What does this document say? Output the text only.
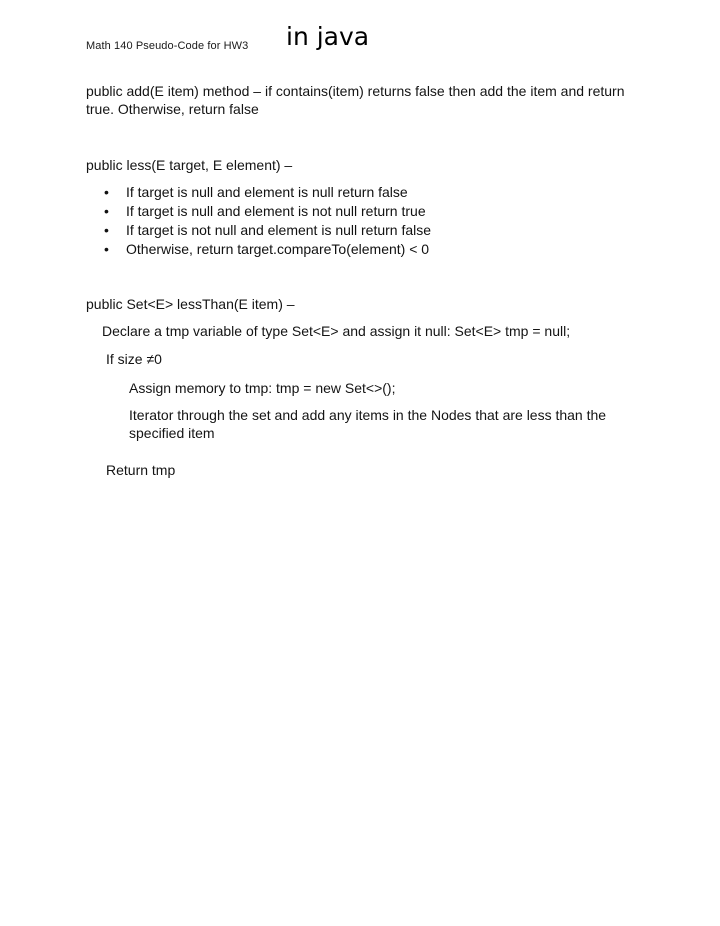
Math 140 Pseudo-Code for HW3 in java
public add(E item) method – if contains(item) returns false then add the item and return true. Otherwise, return false
public less(E target, E element) –
• If target is null and element is null return false
• If target is null and element is not null return true
• If target is not null and element is null return false
• Otherwise, return target.compareTo(element) < 0
public Set<E> lessThan(E item) –
Declare a tmp variable of type Set<E> and assign it null: Set<E> tmp = null;
If size ≠0
Assign memory to tmp: tmp = new Set<>();
Iterator through the set and add any items in the Nodes that are less than the specified item
Return tmp
